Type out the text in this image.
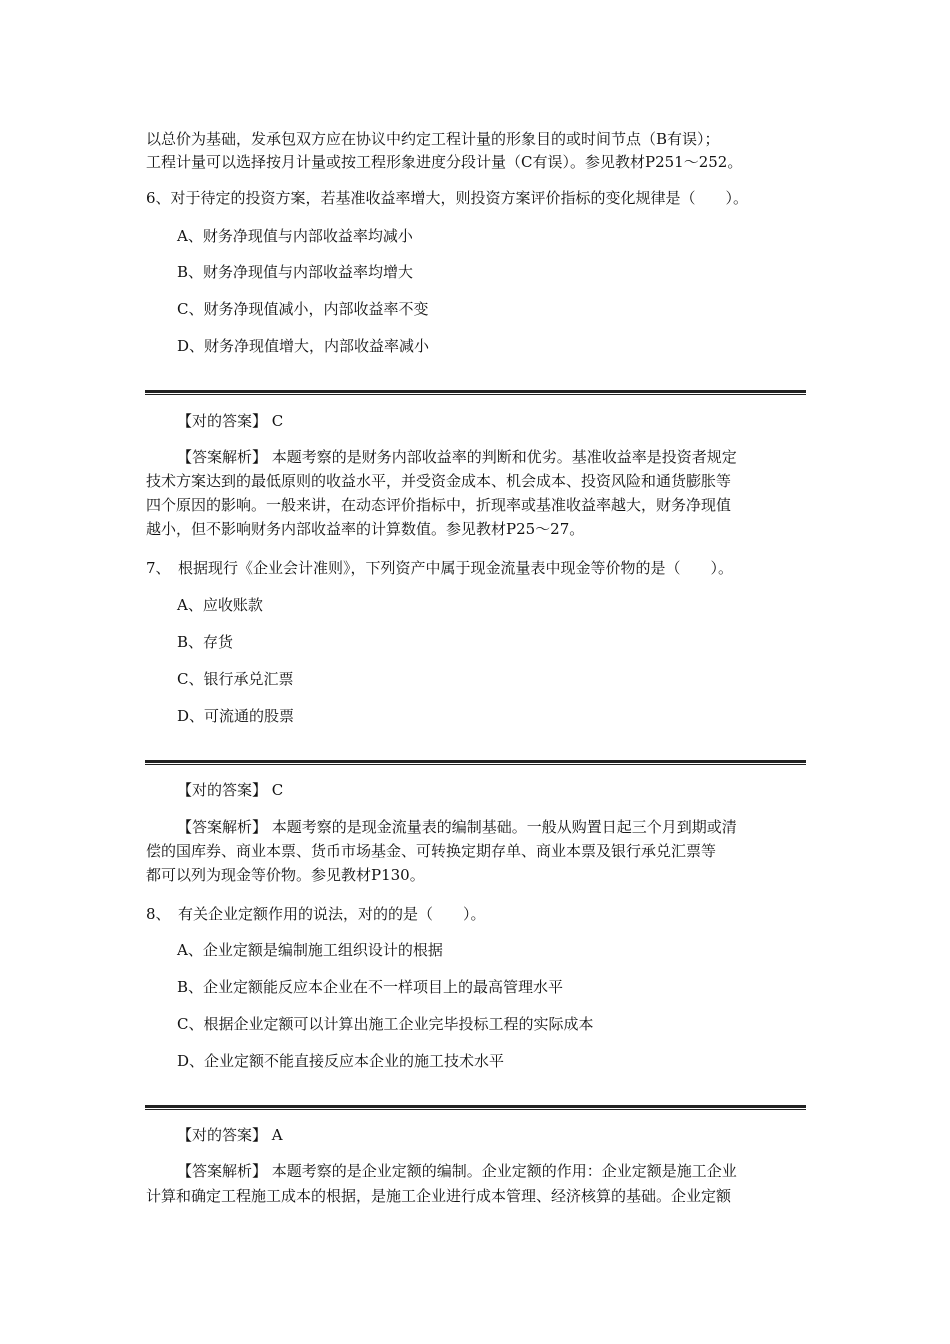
以总价为基础，发承包双方应在协议中约定工程计量的形象目的或时间节点（B有误）；
工程计量可以选择按月计量或按工程形象进度分段计量（C有误）。参见教材P251～252。
6、对于待定的投资方案，若基准收益率增大，则投资方案评价指标的变化规律是（　　）。
A、财务净现值与内部收益率均减小
B、财务净现值与内部收益率均增大
C、财务净现值减小，内部收益率不变
D、财务净现值增大，内部收益率减小
【对的答案】 C
【答案解析】 本题考察的是财务内部收益率的判断和优劣。基准收益率是投资者规定
技术方案达到的最低原则的收益水平，并受资金成本、机会成本、投资风险和通货膨胀等
四个原因的影响。一般来讲，在动态评价指标中，折现率或基准收益率越大，财务净现值
越小，但不影响财务内部收益率的计算数值。参见教材P25～27。
7、　根据现行《企业会计准则》，下列资产中属于现金流量表中现金等价物的是（　　）。
A、应收账款
B、存货
C、银行承兑汇票
D、可流通的股票
【对的答案】 C
【答案解析】 本题考察的是现金流量表的编制基础。一般从购置日起三个月到期或清
偿的国库券、商业本票、货币市场基金、可转换定期存单、商业本票及银行承兑汇票等
都可以列为现金等价物。参见教材P130。
8、　有关企业定额作用的说法，对的的是（　　）。
A、企业定额是编制施工组织设计的根据
B、企业定额能反应本企业在不一样项目上的最高管理水平
C、根据企业定额可以计算出施工企业完毕投标工程的实际成本
D、企业定额不能直接反应本企业的施工技术水平
【对的答案】 A
【答案解析】 本题考察的是企业定额的编制。企业定额的作用：企业定额是施工企业
计算和确定工程施工成本的根据，是施工企业进行成本管理、经济核算的基础。企业定额
